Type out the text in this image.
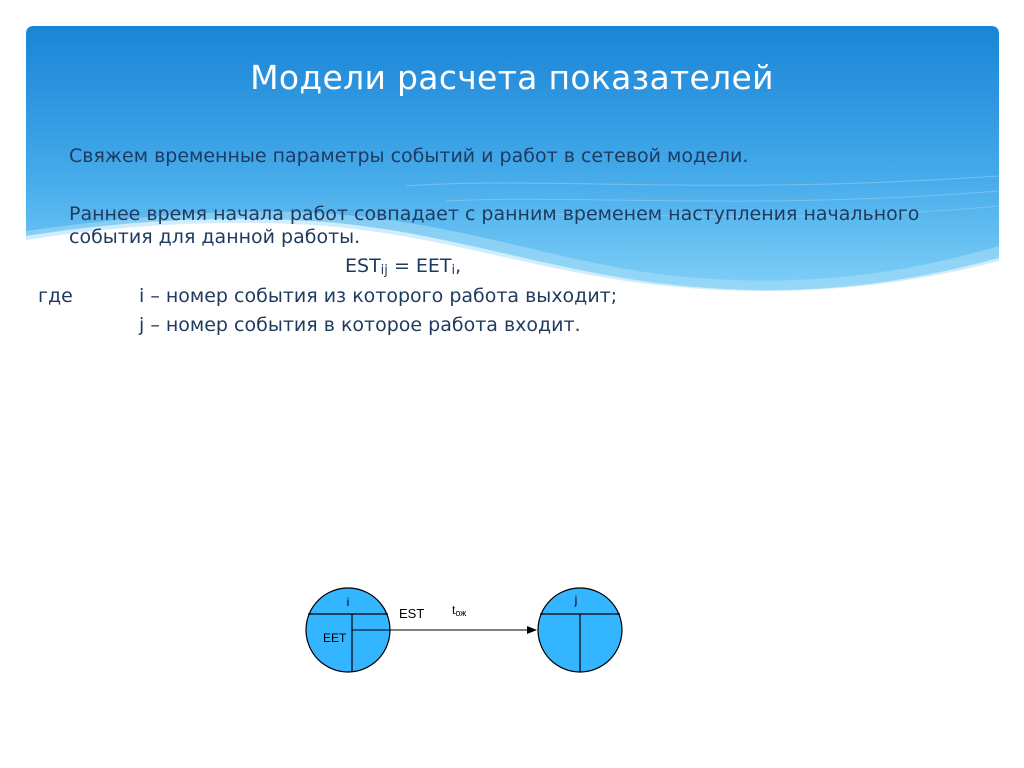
Модели расчета показателей
Свяжем временные параметры событий и работ в сетевой модели.
Раннее время начала работ совпадает с ранним временем наступления начального
события для данной работы.
$EST_{ij} = EET_i$,
где	i – номер события из которого работа выходит;
j – номер события в которое работа входит.
i
EET
EST tож
j
